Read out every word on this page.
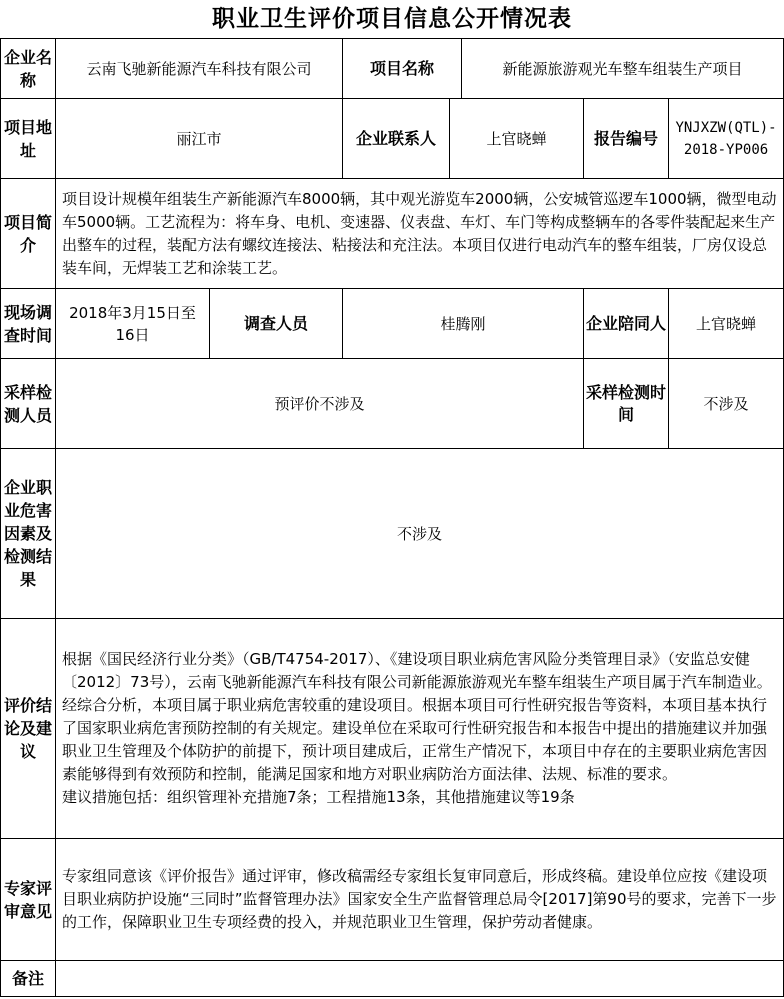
职业卫生评价项目信息公开情况表
企业名称	云南飞驰新能源汽车科技有限公司		项目名称		新能源旅游观光车整车组装生产项目		
项目地址	丽江市		企业联系人	上官晓蝉		报告编号	YNJXZW(QTL)-2018-YP006
项目简介	项目设计规模年组装生产新能源汽车8000辆，其中观光游览车2000辆，公安城管巡逻车1000辆，微型电动车5000辆。工艺流程为：将车身、电机、变速器、仪表盘、车灯、车门等构成整辆车的各零件装配起来生产出整车的过程，装配方法有螺纹连接法、粘接法和充注法。本项目仅进行电动汽车的整车组装，厂房仅设总装车间，无焊装工艺和涂装工艺。						
现场调查时间	2018年3月15日至16日	调查人员	桂腾刚			企业陪同人	上官晓蝉
采样检测人员	预评价不涉及					采样检测时间	不涉及
企业职业危害因素及检测结果	不涉及						
评价结论及建议	根据《国民经济行业分类》（GB/T4754-2017）、《建设项目职业病危害风险分类管理目录》（安监总安健〔2012〕73号），云南飞驰新能源汽车科技有限公司新能源旅游观光车整车组装生产项目属于汽车制造业。经综合分析，本项目属于职业病危害较重的建设项目。根据本项目可行性研究报告等资料，本项目基本执行了国家职业病危害预防控制的有关规定。建设单位在采取可行性研究报告和本报告中提出的措施建议并加强职业卫生管理及个体防护的前提下，预计项目建成后，正常生产情况下，本项目中存在的主要职业病危害因素能够得到有效预防和控制，能满足国家和地方对职业病防治方面法律、法规、标准的要求。
建议措施包括：组织管理补充措施7条；工程措施13条，其他措施建议等19条						

专家评审意见	专家组同意该《评价报告》通过评审，修改稿需经专家组长复审同意后，形成终稿。建设单位应按《建设项目职业病防护设施“三同时”监督管理办法》国家安全生产监督管理总局令[2017]第90号的要求，完善下一步的工作，保障职业卫生专项经费的投入，并规范职业卫生管理，保护劳动者健康。						
备注							
